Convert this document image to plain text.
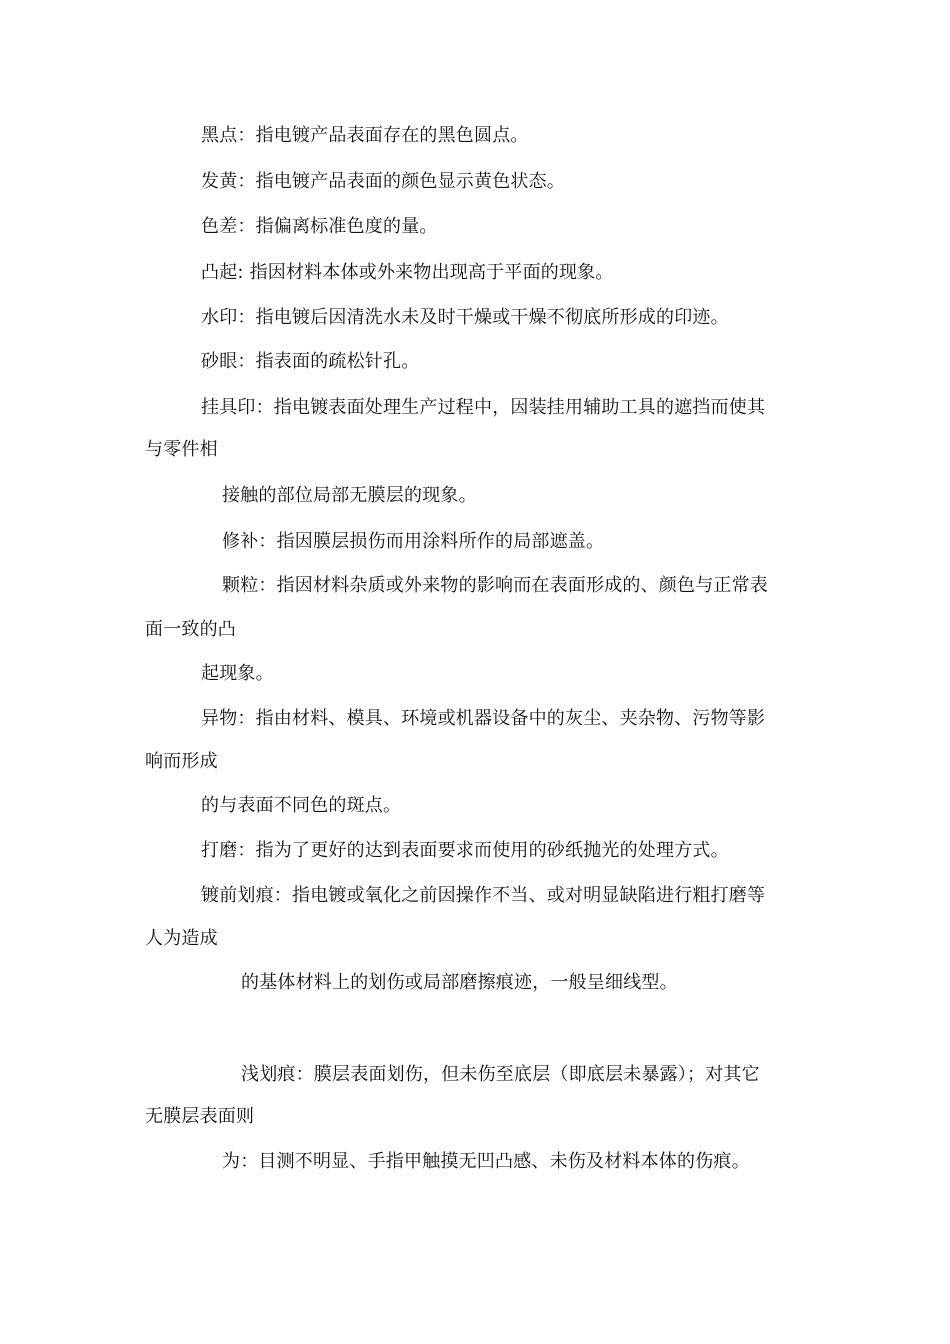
黑点：指电镀产品表面存在的黑色圆点。
发黄：指电镀产品表面的颜色显示黄色状态。
色差：指偏离标准色度的量。
凸起: 指因材料本体或外来物出现高于平面的现象。
水印：指电镀后因清洗水未及时干燥或干燥不彻底所形成的印迹。
砂眼：指表面的疏松针孔。
挂具印：指电镀表面处理生产过程中，因装挂用辅助工具的遮挡而使其
与零件相
接触的部位局部无膜层的现象。
修补：指因膜层损伤而用涂料所作的局部遮盖。
颗粒：指因材料杂质或外来物的影响而在表面形成的、颜色与正常表
面一致的凸
起现象。
异物：指由材料、模具、环境或机器设备中的灰尘、夹杂物、污物等影
响而形成
的与表面不同色的斑点。
打磨：指为了更好的达到表面要求而使用的砂纸抛光的处理方式。
镀前划痕：指电镀或氧化之前因操作不当、或对明显缺陷进行粗打磨等
人为造成
的基体材料上的划伤或局部磨擦痕迹，一般呈细线型。
浅划痕：膜层表面划伤，但未伤至底层（即底层未暴露）；对其它
无膜层表面则
为：目测不明显、手指甲触摸无凹凸感、未伤及材料本体的伤痕。
